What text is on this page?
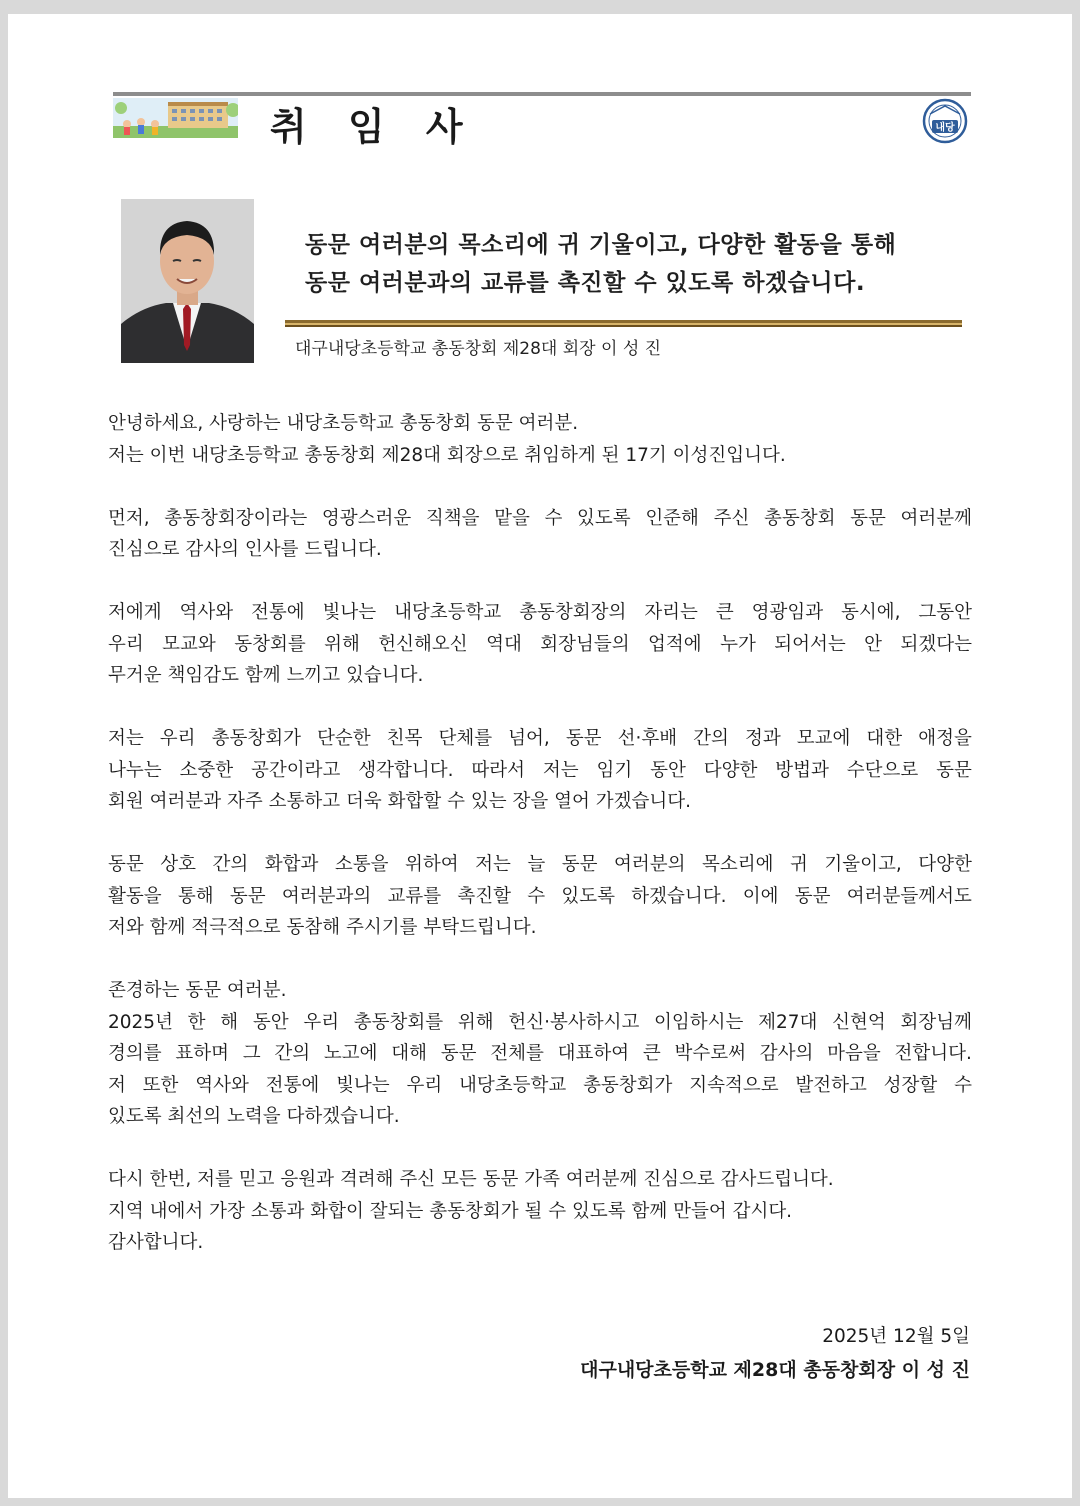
취 임 사	내당
동문 여러분의 목소리에 귀 기울이고, 다양한 활동을 통해
동문 여러분과의 교류를 촉진할 수 있도록 하겠습니다.
대구내당초등학교 총동창회 제28대 회장 이 성 진
안녕하세요, 사랑하는 내당초등학교 총동창회 동문 여러분.
저는 이번 내당초등학교 총동창회 제28대 회장으로 취임하게 된 17기 이성진입니다.
먼저, 총동창회장이라는 영광스러운 직책을 맡을 수 있도록 인준해 주신 총동창회 동문 여러분께
진심으로 감사의 인사를 드립니다.
저에게 역사와 전통에 빛나는 내당초등학교 총동창회장의 자리는 큰 영광임과 동시에, 그동안
우리 모교와 동창회를 위해 헌신해오신 역대 회장님들의 업적에 누가 되어서는 안 되겠다는
무거운 책임감도 함께 느끼고 있습니다.
저는 우리 총동창회가 단순한 친목 단체를 넘어, 동문 선·후배 간의 정과 모교에 대한 애정을
나누는 소중한 공간이라고 생각합니다. 따라서 저는 임기 동안 다양한 방법과 수단으로 동문
회원 여러분과 자주 소통하고 더욱 화합할 수 있는 장을 열어 가겠습니다.
동문 상호 간의 화합과 소통을 위하여 저는 늘 동문 여러분의 목소리에 귀 기울이고, 다양한
활동을 통해 동문 여러분과의 교류를 촉진할 수 있도록 하겠습니다. 이에 동문 여러분들께서도
저와 함께 적극적으로 동참해 주시기를 부탁드립니다.
존경하는 동문 여러분.
2025년 한 해 동안 우리 총동창회를 위해 헌신·봉사하시고 이임하시는 제27대 신현억 회장님께
경의를 표하며 그 간의 노고에 대해 동문 전체를 대표하여 큰 박수로써 감사의 마음을 전합니다.
저 또한 역사와 전통에 빛나는 우리 내당초등학교 총동창회가 지속적으로 발전하고 성장할 수
있도록 최선의 노력을 다하겠습니다.
다시 한번, 저를 믿고 응원과 격려해 주신 모든 동문 가족 여러분께 진심으로 감사드립니다.
지역 내에서 가장 소통과 화합이 잘되는 총동창회가 될 수 있도록 함께 만들어 갑시다.
감사합니다.
2025년 12월 5일
대구내당초등학교 제28대 총동창회장 이 성 진
